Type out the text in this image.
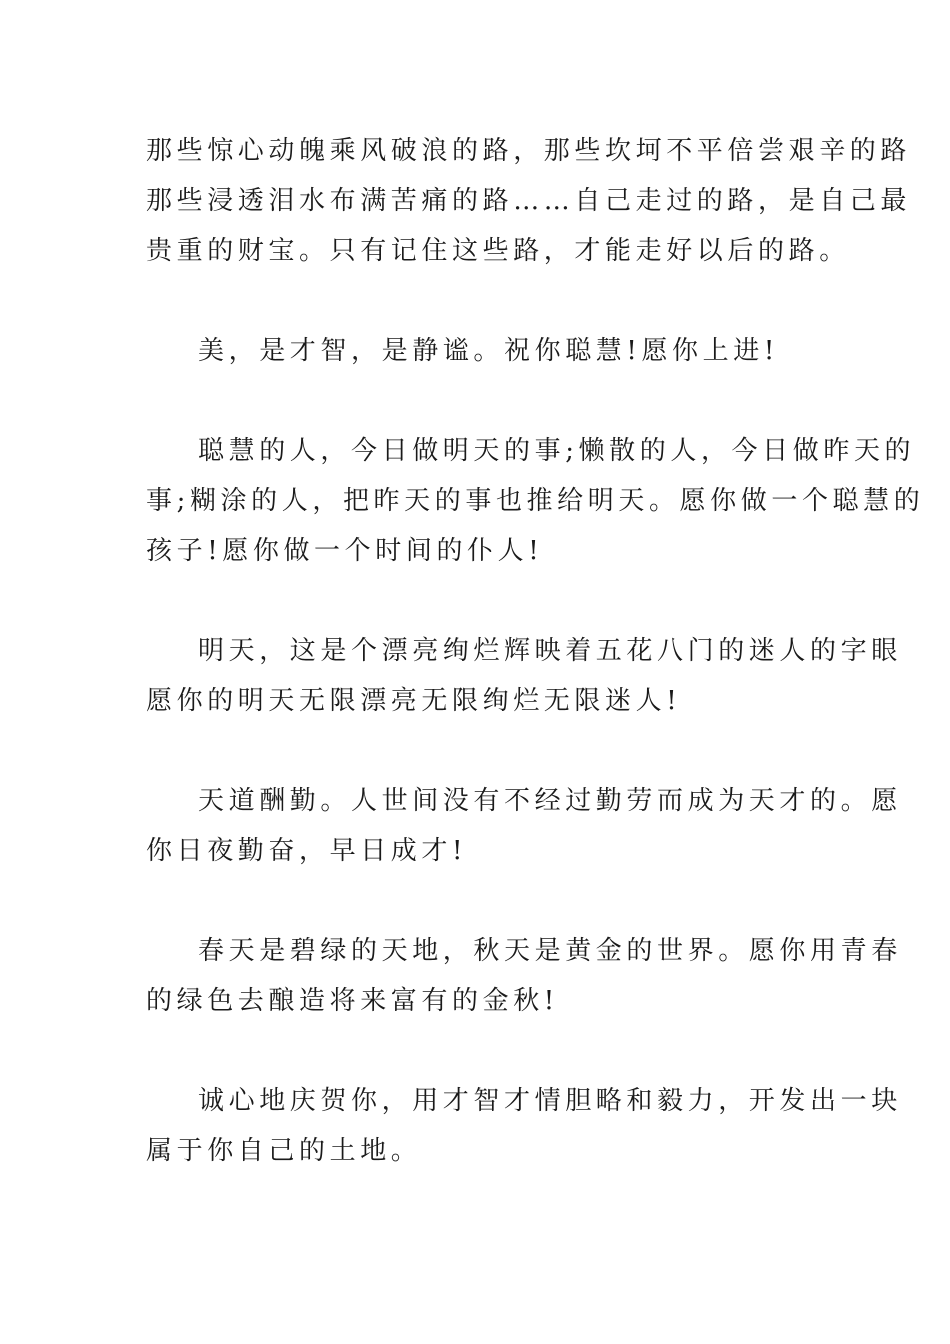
那些惊心动魄乘风破浪的路，那些坎坷不平倍尝艰辛的路
那些浸透泪水布满苦痛的路……自己走过的路，是自己最
贵重的财宝。只有记住这些路，才能走好以后的路。
美，是才智，是静谧。祝你聪慧!愿你上进!
聪慧的人，今日做明天的事;懒散的人，今日做昨天的
事;糊涂的人，把昨天的事也推给明天。愿你做一个聪慧的
孩子!愿你做一个时间的仆人!
明天，这是个漂亮绚烂辉映着五花八门的迷人的字眼
愿你的明天无限漂亮无限绚烂无限迷人!
天道酬勤。人世间没有不经过勤劳而成为天才的。愿
你日夜勤奋，早日成才!
春天是碧绿的天地，秋天是黄金的世界。愿你用青春
的绿色去酿造将来富有的金秋!
诚心地庆贺你，用才智才情胆略和毅力，开发出一块
属于你自己的土地。
